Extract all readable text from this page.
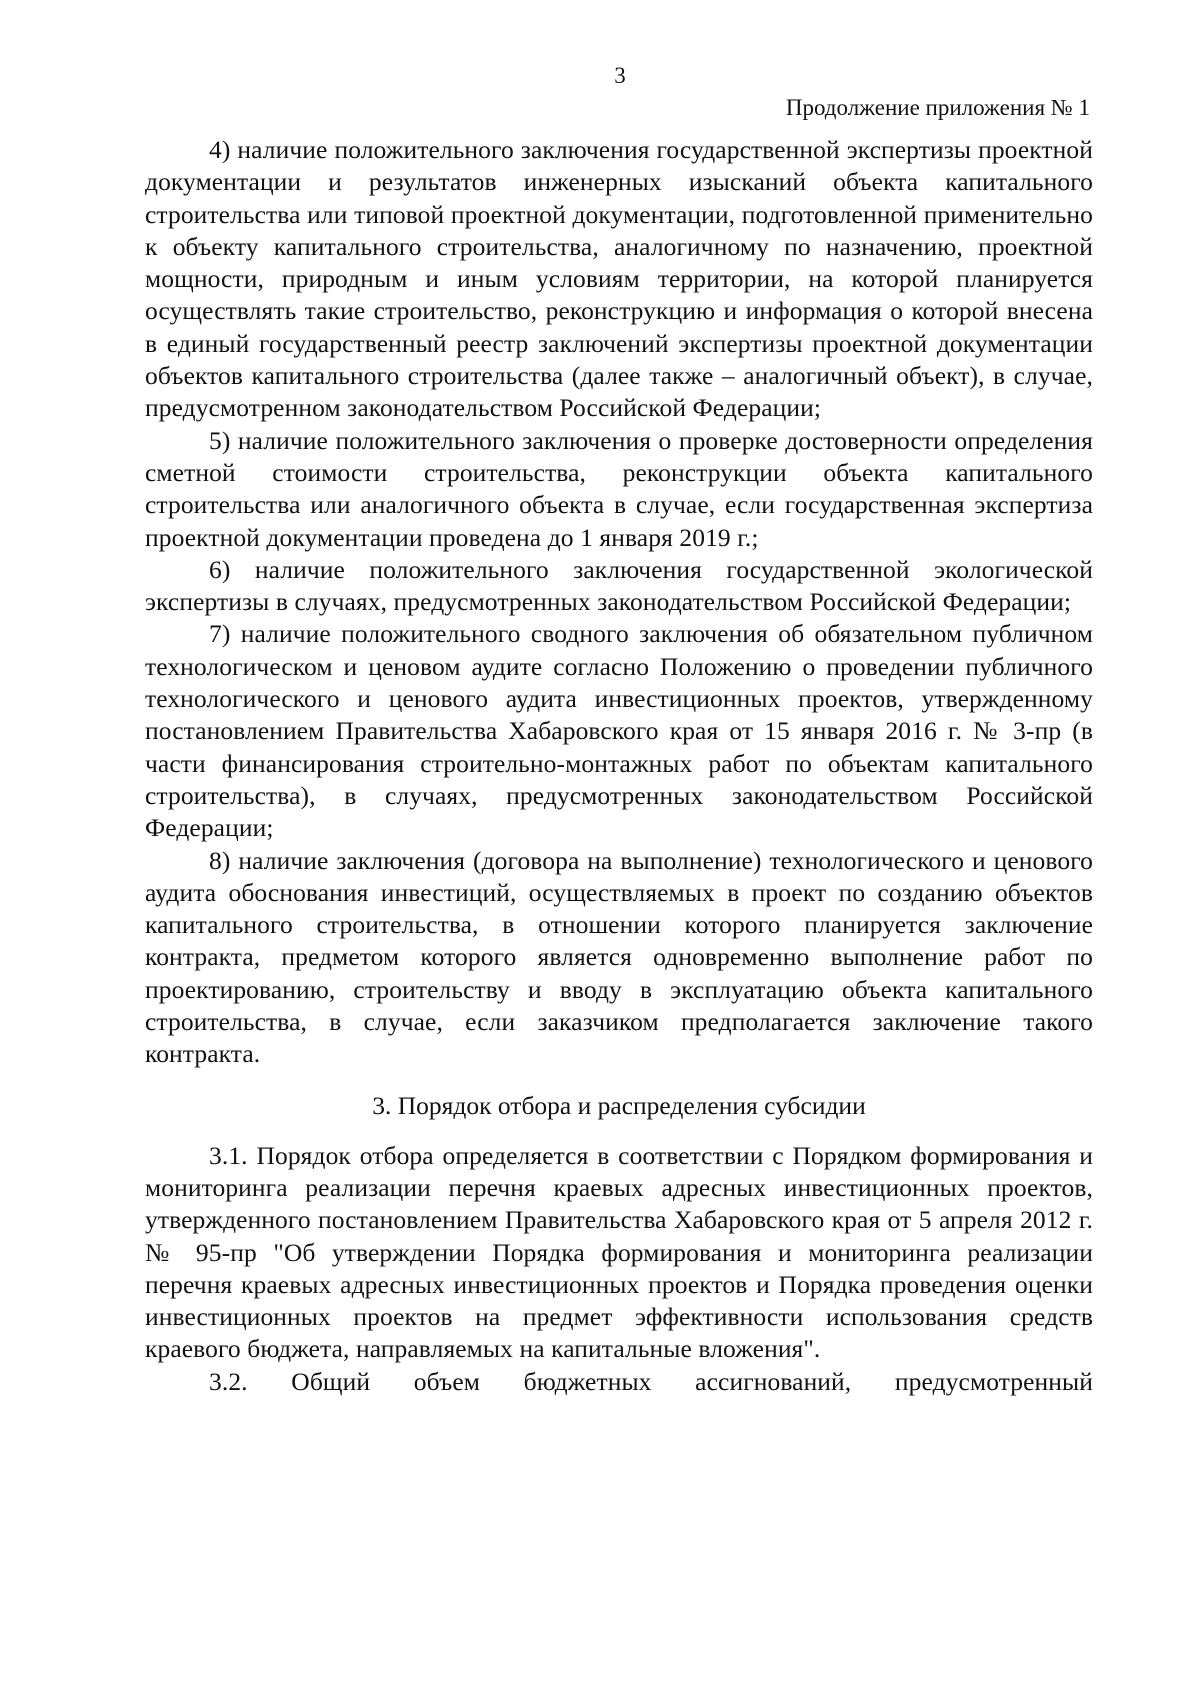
3
Продолжение приложения № 1

4) наличие положительного заключения государственной экспертизы проектной документации и результатов инженерных изысканий объекта капитального строительства или типовой проектной документации, подготовленной применительно к объекту капитального строительства, аналогичному по назначению, проектной мощности, природным и иным условиям территории, на которой планируется осуществлять такие строительство, реконструкцию и информация о которой внесена в единый государственный реестр заключений экспертизы проектной документации объектов капитального строительства (далее также – аналогичный объект), в случае, предусмотренном законодательством Российской Федерации;

5) наличие положительного заключения о проверке достоверности определения сметной стоимости строительства, реконструкции объекта капитального строительства или аналогичного объекта в случае, если государственная экспертиза проектной документации проведена до 1 января 2019 г.;

6) наличие положительного заключения государственной экологической экспертизы в случаях, предусмотренных законодательством Российской Федерации;

7) наличие положительного сводного заключения об обязательном публичном технологическом и ценовом аудите согласно Положению о проведении публичного технологического и ценового аудита инвестиционных проектов, утвержденному постановлением Правительства Хабаровского края от 15 января 2016 г. № 3-пр (в части финансирования строительно-монтажных работ по объектам капитального строительства), в случаях, предусмотренных законодательством Российской Федерации;

8) наличие заключения (договора на выполнение) технологического и ценового аудита обоснования инвестиций, осуществляемых в проект по созданию объектов капитального строительства, в отношении которого планируется заключение контракта, предметом которого является одновременно выполнение работ по проектированию, строительству и вводу в эксплуатацию объекта капитального строительства, в случае, если заказчиком предполагается заключение такого контракта.

3. Порядок отбора и распределения субсидии

3.1. Порядок отбора определяется в соответствии с Порядком формирования и мониторинга реализации перечня краевых адресных инвестиционных проектов, утвержденного постановлением Правительства Хабаровского края от 5 апреля 2012 г. № 95-пр "Об утверждении Порядка формирования и мониторинга реализации перечня краевых адресных инвестиционных проектов и Порядка проведения оценки инвестиционных проектов на предмет эффективности использования средств краевого бюджета, направляемых на капитальные вложения".

3.2. Общий объем бюджетных ассигнований, предусмотренный
